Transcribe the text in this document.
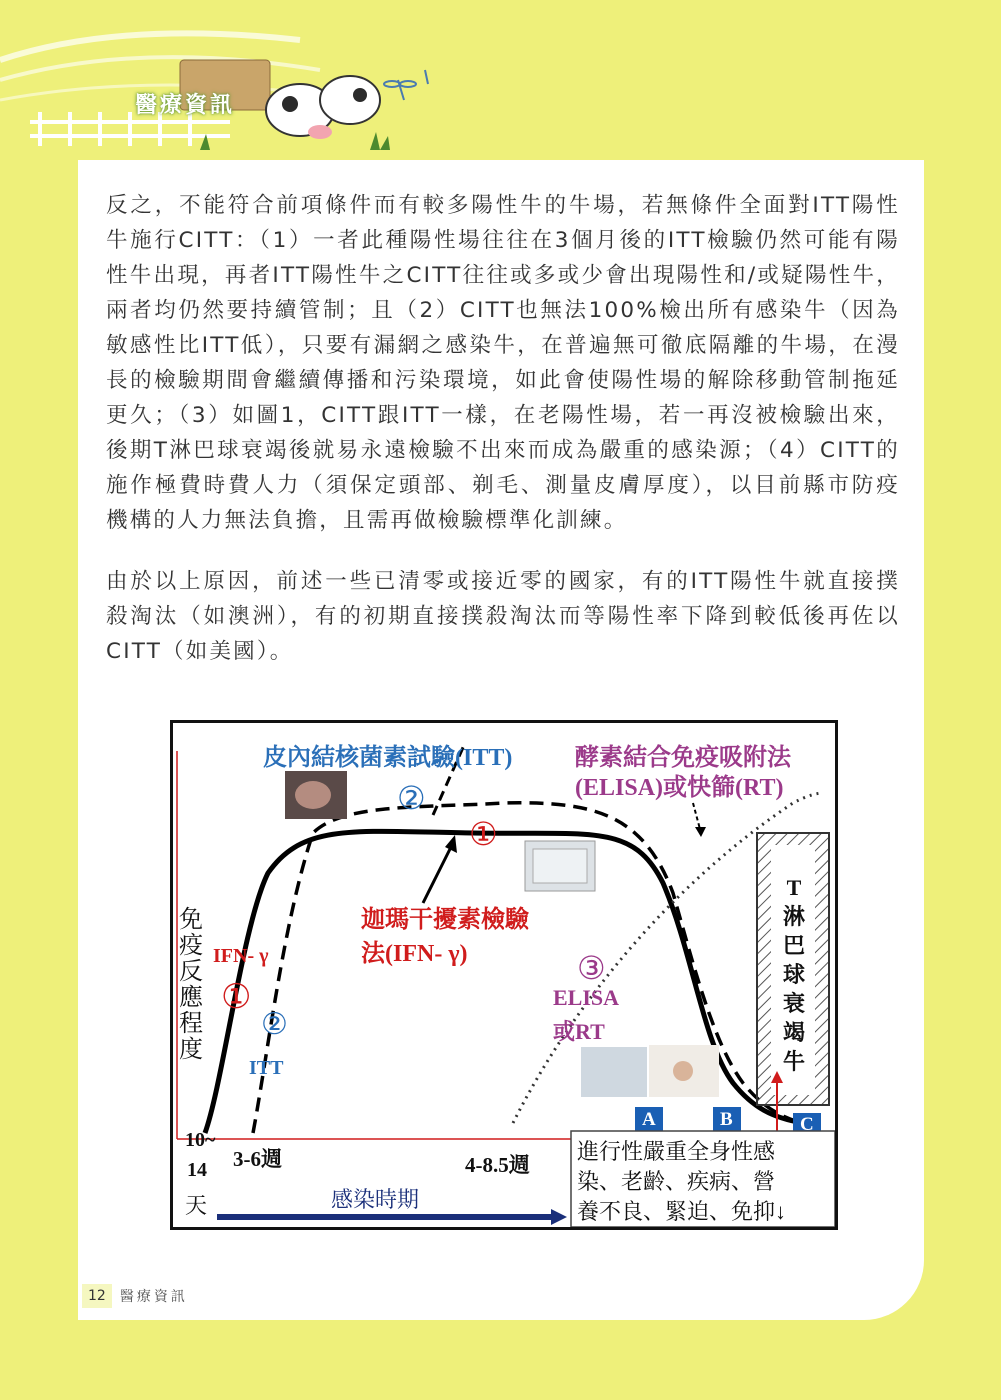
醫療資訊

反之，不能符合前項條件而有較多陽性牛的牛場，若無條件全面對ITT陽性牛施行CITT：（1）一者此種陽性場往往在3個月後的ITT檢驗仍然可能有陽性牛出現，再者ITT陽性牛之CITT往往或多或少會出現陽性和/或疑陽性牛，兩者均仍然要持續管制；且（2）CITT也無法100%檢出所有感染牛（因為敏感性比ITT低），只要有漏網之感染牛，在普遍無可徹底隔離的牛場，在漫長的檢驗期間會繼續傳播和污染環境，如此會使陽性場的解除移動管制拖延更久；（3）如圖1，CITT跟ITT一樣，在老陽性場，若一再沒被檢驗出來，後期T淋巴球衰竭後就易永遠檢驗不出來而成為嚴重的感染源；（4）CITT的施作極費時費人力（須保定頭部、剃毛、測量皮膚厚度），以目前縣市防疫機構的人力無法負擔，且需再做檢驗標準化訓練。

由於以上原因，前述一些已清零或接近零的國家，有的ITT陽性牛就直接撲殺淘汰（如澳洲），有的初期直接撲殺淘汰而等陽性率下降到較低後再佐以CITT（如美國）。

皮內結核菌素試驗(ITT)	酵素結合免疫吸附法
(ELISA)或快篩(RT)
②
①
迦瑪干擾素檢驗
法(IFN- γ)
免
疫
反
應
程
度
IFN- γ
①
②
ITT
③
ELISA
或RT
T
淋
巴
球
衰
竭
牛
A	B	C
10~
14
天
3-6週	4-8.5週
感染時期
進行性嚴重全身性感
染、老齡、疾病、營
養不良、緊迫、免抑↓
12	醫療資訊
